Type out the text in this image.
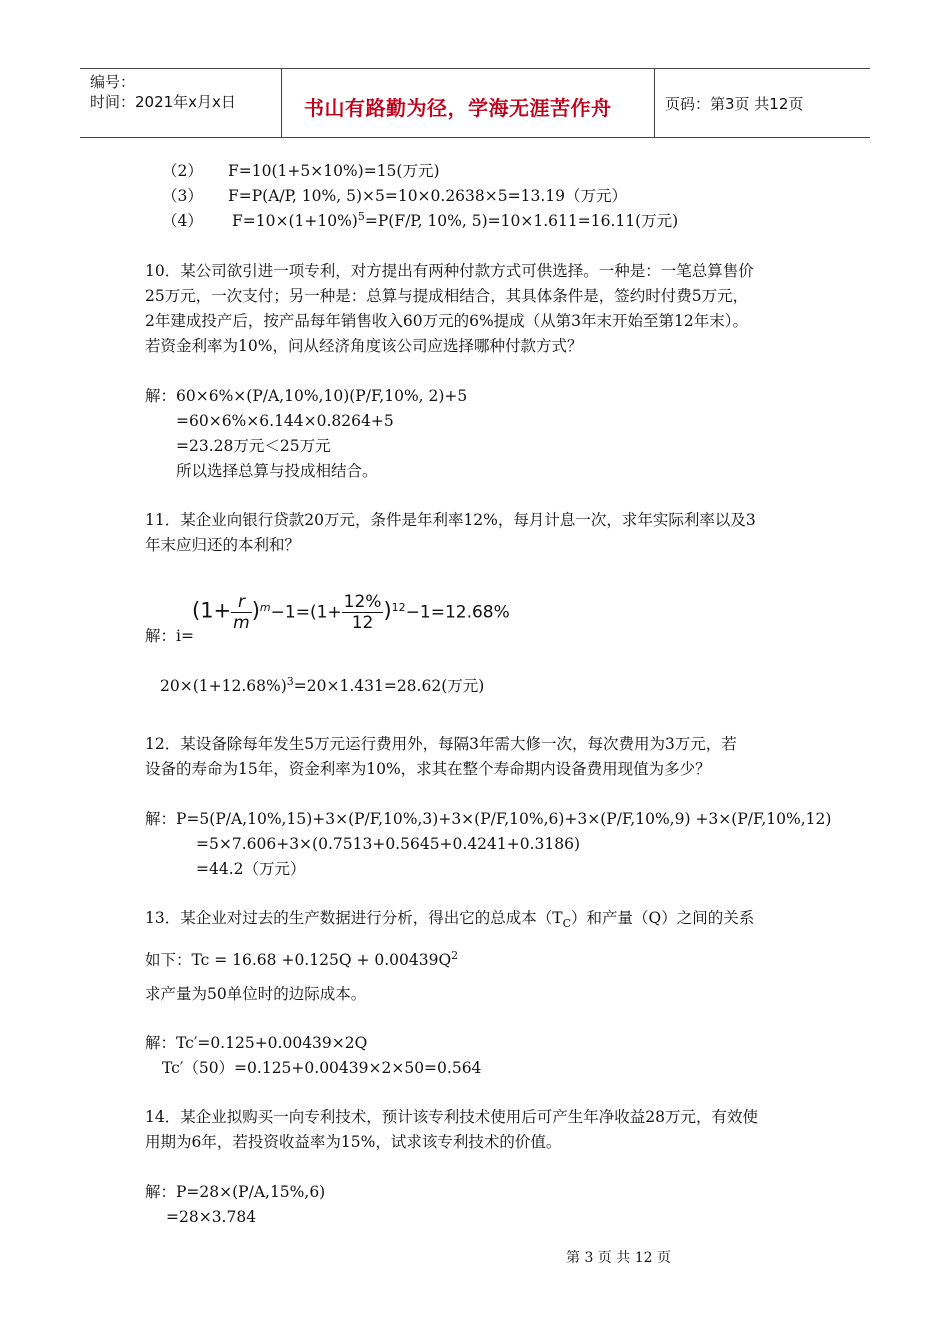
编号：
时间：2021年x月x日	书山有路勤为径，学海无涯苦作舟	页码：第3页 共12页
（2） F=10(1+5×10%)=15(万元)
（3） F=P(A/P, 10%, 5)×5=10×0.2638×5=13.19（万元）
（4） $F=10\times(1+10\%)^5=P(F/P$, 10%, 5)=10×1.611=16.11(万元)
10．某公司欲引进一项专利，对方提出有两种付款方式可供选择。一种是：一笔总算售价
25万元，一次支付；另一种是：总算与提成相结合，其具体条件是，签约时付费5万元，
2年建成投产后，按产品每年销售收入60万元的6%提成（从第3年末开始至第12年末）。
若资金利率为10%，问从经济角度该公司应选择哪种付款方式？
解：60×6%×(P/A,10%,10)(P/F,10%, 2)+5
=60×6%×6.144×0.8264+5
=23.28万元＜25万元
所以选择总算与投成相结合。
11．某企业向银行贷款20万元，条件是年利率12%，每月计息一次，求年实际利率以及3
年末应归还的本利和？
解：i=
$(1+ \frac{r}{m} )^m-1=(1+ \frac{12\%}{12} )^{12}-1=12.68\%$
$20\times(1+12.68\%)^3=20\times 1.431=28.62$(万元)
12．某设备除每年发生5万元运行费用外，每隔3年需大修一次，每次费用为3万元，若
设备的寿命为15年，资金利率为10%，求其在整个寿命期内设备费用现值为多少？
解：P=5(P/A,10%,15)+3×(P/F,10%,3)+3×(P/F,10%,6)+3×(P/F,10%,9) +3×(P/F,10%,12)
=5×7.606+3×(0.7513+0.5645+0.4241+0.3186)
=44.2（万元）
13．某企业对过去的生产数据进行分析，得出它的总成本$(T_C)$和产量（Q）之间的关系
如下：$Tc = 16.68 +0.125Q + 0.00439Q^2$
求产量为50单位时的边际成本。
解：Tc′=0.125+0.00439×2Q
Tc′（50）=0.125+0.00439×2×50=0.564
14．某企业拟购买一向专利技术，预计该专利技术使用后可产生年净收益28万元，有效使
用期为6年，若投资收益率为15%，试求该专利技术的价值。
解：P=28×(P/A,15%,6)
=28×3.784
第 3 页 共 12 页
